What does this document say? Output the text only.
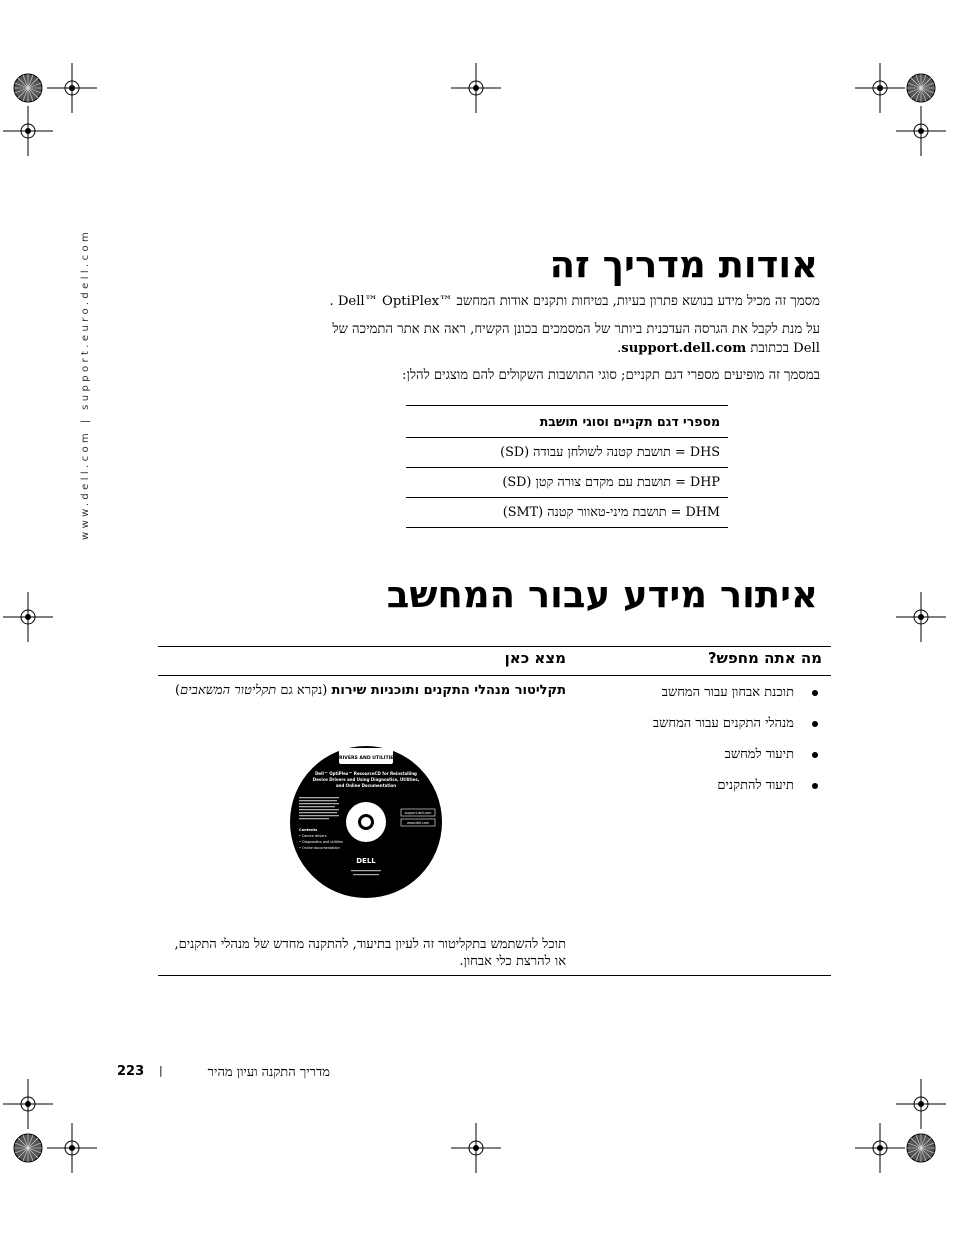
www.dell.com | support.euro.dell.com	אודות מדריך זה
מסמך זה מכיל מידע בנושא פתרון בעיות, בטיחות ותקנים אודות המחשב ™Dell™ OptiPlex .
על מנת לקבל את הגרסה העדכנית ביותר של המסמכים בכונן הקשיח, ראה את אתר התמיכה של
Dell בכתובת support.dell.com.
במסמך זה מופיעים מספרי דגם תקניים; סוגי התושבות השקולים להם מוצגים להלן:
מספרי דגם תקניים וסוגי תושבת
DHS = תושבת קטנה לשולחן עבודה (SD)
DHP = תושבת עם מקדם צורה קטן (SD)
DHM = תושבת מיני-טאוור קטנה (SMT)
איתור מידע עבור המחשב
מה אתה מחפש?
מצא כאן
תוכנת אבחון עבור המחשב
מנהלי התקנים עבור המחשב
תיעוד למחשב
תיעוד להתקנים
תקליטור מנהלי התקנים ותוכניות שירות (נקרא גם תקליטור המשאבים)
DRIVERS AND UTILITIES
Dell™ OptiPlex™ ResourceCD for Reinstalling
Device Drivers and Using Diagnostics, Utilities,
and Online Documentation
Contents
• Device drivers
• Diagnostics and utilities
• Online documentation
support.dell.com
www.dell.com
DELL
תוכל להשתמש בתקליטור זה לעיון בתיעוד, להתקנה מחדש של מנהלי התקנים, או להרצת כלי אבחון.
223 |	מדריך התקנה ועיון מהיר
